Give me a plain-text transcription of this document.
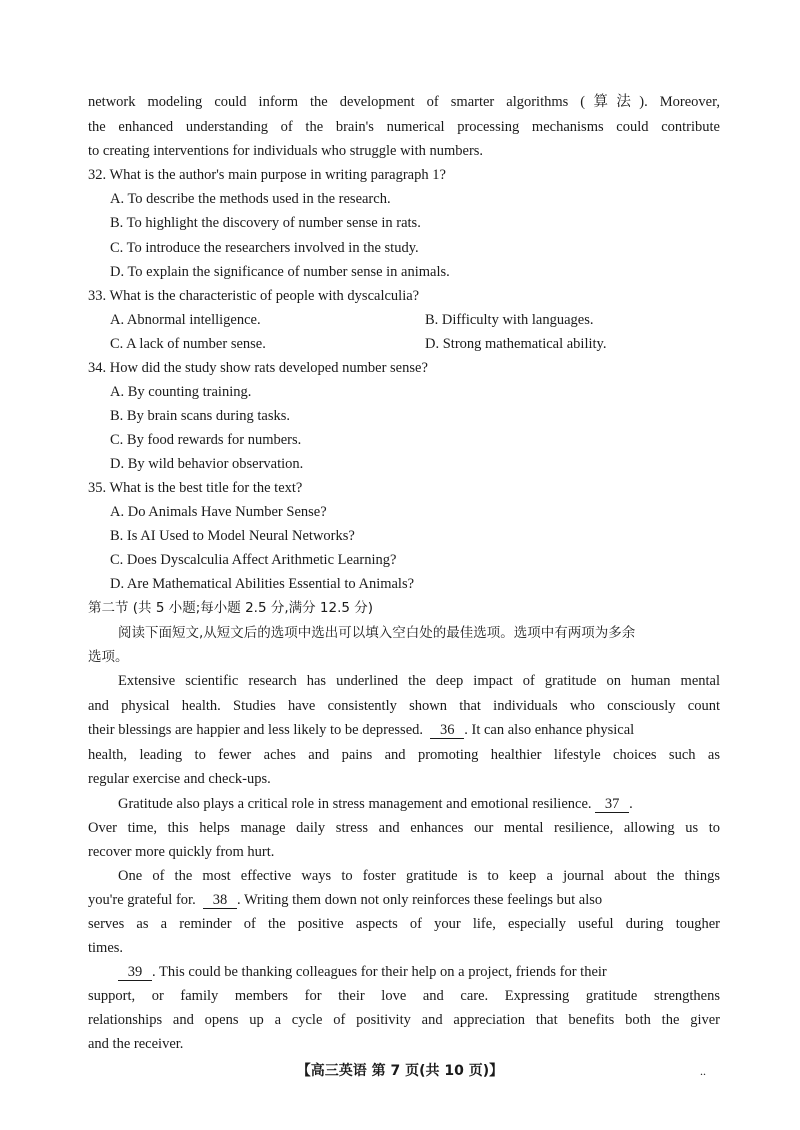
network modeling could inform the development of smarter algorithms (算法). Moreover,
the enhanced understanding of the brain's numerical processing mechanisms could contribute
to creating interventions for individuals who struggle with numbers.
32. What is the author's main purpose in writing paragraph 1?
A. To describe the methods used in the research.
B. To highlight the discovery of number sense in rats.
C. To introduce the researchers involved in the study.
D. To explain the significance of number sense in animals.
33. What is the characteristic of people with dyscalculia?
A. Abnormal intelligence.	B. Difficulty with languages.
C. A lack of number sense.	D. Strong mathematical ability.
34. How did the study show rats developed number sense?
A. By counting training.
B. By brain scans during tasks.
C. By food rewards for numbers.
D. By wild behavior observation.
35. What is the best title for the text?
A. Do Animals Have Number Sense?
B. Is AI Used to Model Neural Networks?
C. Does Dyscalculia Affect Arithmetic Learning?
D. Are Mathematical Abilities Essential to Animals?
第二节 (共 5 小题;每小题 2.5 分,满分 12.5 分)
阅读下面短文,从短文后的选项中选出可以填入空白处的最佳选项。选项中有两项为多余
选项。
Extensive scientific research has underlined the deep impact of gratitude on human mental
and physical health. Studies have consistently shown that individuals who consciously count
their blessings are happier and less likely to be depressed. 36 . It can also enhance physical
health, leading to fewer aches and pains and promoting healthier lifestyle choices such as
regular exercise and check-ups.
Gratitude also plays a critical role in stress management and emotional resilience. 37 .
Over time, this helps manage daily stress and enhances our mental resilience, allowing us to
recover more quickly from hurt.
One of the most effective ways to foster gratitude is to keep a journal about the things
you're grateful for. 38 . Writing them down not only reinforces these feelings but also
serves as a reminder of the positive aspects of your life, especially useful during tougher
times.
39 . This could be thanking colleagues for their help on a project, friends for their
support, or family members for their love and care. Expressing gratitude strengthens
relationships and opens up a cycle of positivity and appreciation that benefits both the giver
and the receiver.
【高三英语 第 7 页(共 10 页)】	..
